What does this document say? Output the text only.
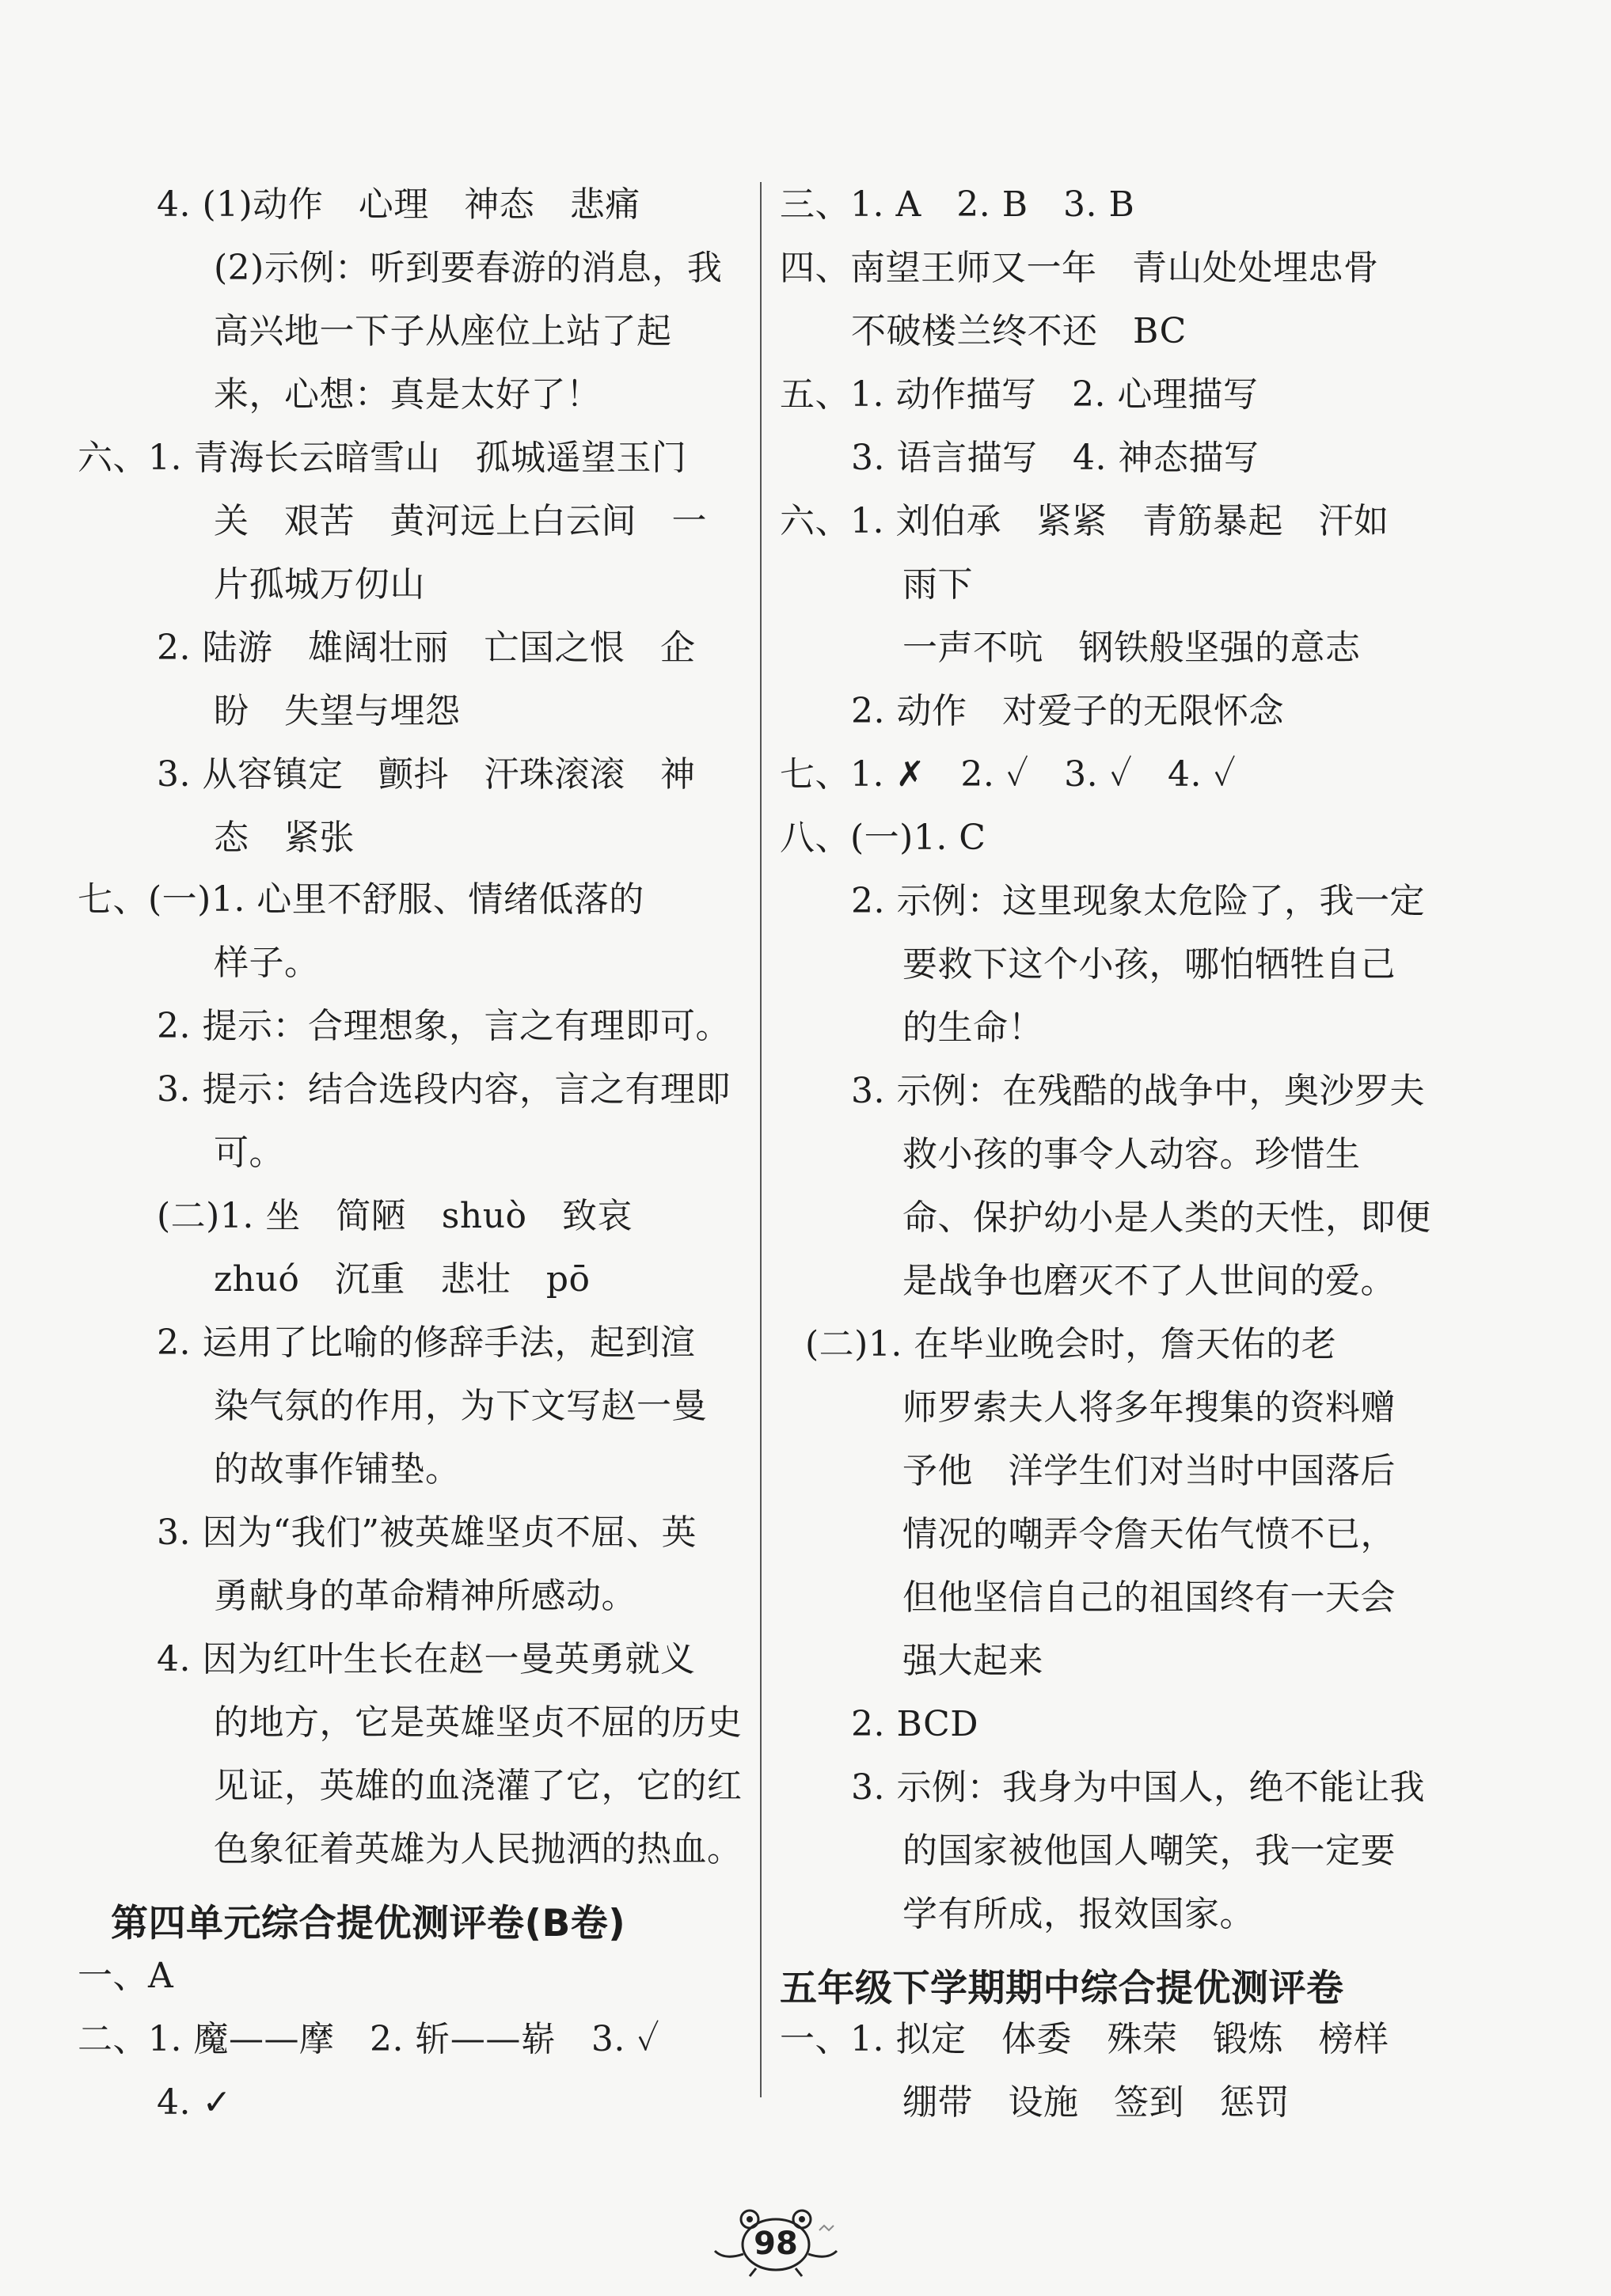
4. (1)动作　心理　神态　悲痛
(2)示例：听到要春游的消息，我
高兴地一下子从座位上站了起
来，心想：真是太好了！
六、1. 青海长云暗雪山　孤城遥望玉门
关　艰苦　黄河远上白云间　一
片孤城万仞山
2. 陆游　雄阔壮丽　亡国之恨　企
盼　失望与埋怨
3. 从容镇定　颤抖　汗珠滚滚　神
态　紧张
七、(一)1. 心里不舒服、情绪低落的
样子。
2. 提示：合理想象，言之有理即可。
3. 提示：结合选段内容，言之有理即
可。
(二)1. 坐　简陋　shuò　致哀
zhuó　沉重　悲壮　pō
2. 运用了比喻的修辞手法，起到渲
染气氛的作用，为下文写赵一曼
的故事作铺垫。
3. 因为“我们”被英雄坚贞不屈、英
勇献身的革命精神所感动。
4. 因为红叶生长在赵一曼英勇就义
的地方，它是英雄坚贞不屈的历史
见证，英雄的血浇灌了它，它的红
色象征着英雄为人民抛洒的热血。
第四单元综合提优测评卷(B卷)
一、A
二、1. 魔——摩　2. 斩——崭　3. ✓
4. ✓
三、1. A　2. B　3. B
四、南望王师又一年　青山处处埋忠骨
不破楼兰终不还　BC
五、1. 动作描写　2. 心理描写
3. 语言描写　4. 神态描写
六、1. 刘伯承　紧紧　青筋暴起　汗如
雨下
一声不吭　钢铁般坚强的意志
2. 动作　对爱子的无限怀念
七、1. ✗　2. ✓　3. ✓　4. ✓
八、(一)1. C
2. 示例：这里现象太危险了，我一定
要救下这个小孩，哪怕牺牲自己
的生命！
3. 示例：在残酷的战争中，奥沙罗夫
救小孩的事令人动容。珍惜生
命、保护幼小是人类的天性，即便
是战争也磨灭不了人世间的爱。
(二)1. 在毕业晚会时，詹天佑的老
师罗索夫人将多年搜集的资料赠
予他　洋学生们对当时中国落后
情况的嘲弄令詹天佑气愤不已，
但他坚信自己的祖国终有一天会
强大起来
2. BCD
3. 示例：我身为中国人，绝不能让我
的国家被他国人嘲笑，我一定要
学有所成，报效国家。
五年级下学期期中综合提优测评卷
一、1. 拟定　体委　殊荣　锻炼　榜样
绷带　设施　签到　惩罚
98
